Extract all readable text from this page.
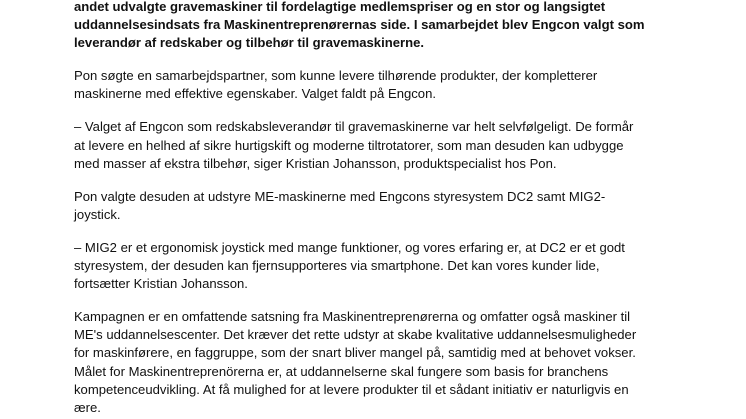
andet udvalgte gravemaskiner til fordelagtige medlemspriser og en stor og langsigtet
uddannelsesindsats fra Maskinentreprenørernas side. I samarbejdet blev Engcon valgt som
leverandør af redskaber og tilbehør til gravemaskinerne.
Pon søgte en samarbejdspartner, som kunne levere tilhørende produkter, der kompletterer
maskinerne med effektive egenskaber. Valget faldt på Engcon.
– Valget af Engcon som redskabsleverandør til gravemaskinerne var helt selvfølgeligt. De formår
at levere en helhed af sikre hurtigskift og moderne tiltrotatorer, som man desuden kan udbygge
med masser af ekstra tilbehør, siger Kristian Johansson, produktspecialist hos Pon.
Pon valgte desuden at udstyre ME-maskinerne med Engcons styresystem DC2 samt MIG2-
joystick.
– MIG2 er et ergonomisk joystick med mange funktioner, og vores erfaring er, at DC2 er et godt
styresystem, der desuden kan fjernsupporteres via smartphone. Det kan vores kunder lide,
fortsætter Kristian Johansson.
Kampagnen er en omfattende satsning fra Maskinentreprenørerna og omfatter også maskiner til
ME's uddannelsescenter. Det kræver det rette udstyr at skabe kvalitative uddannelsesmuligheder
for maskinførere, en faggruppe, som der snart bliver mangel på, samtidig med at behovet vokser.
Målet for Maskinentreprenörerna er, at uddannelserne skal fungere som basis for branchens
kompetenceudvikling. At få mulighed for at levere produkter til et sådant initiativ er naturligvis en
ære.
